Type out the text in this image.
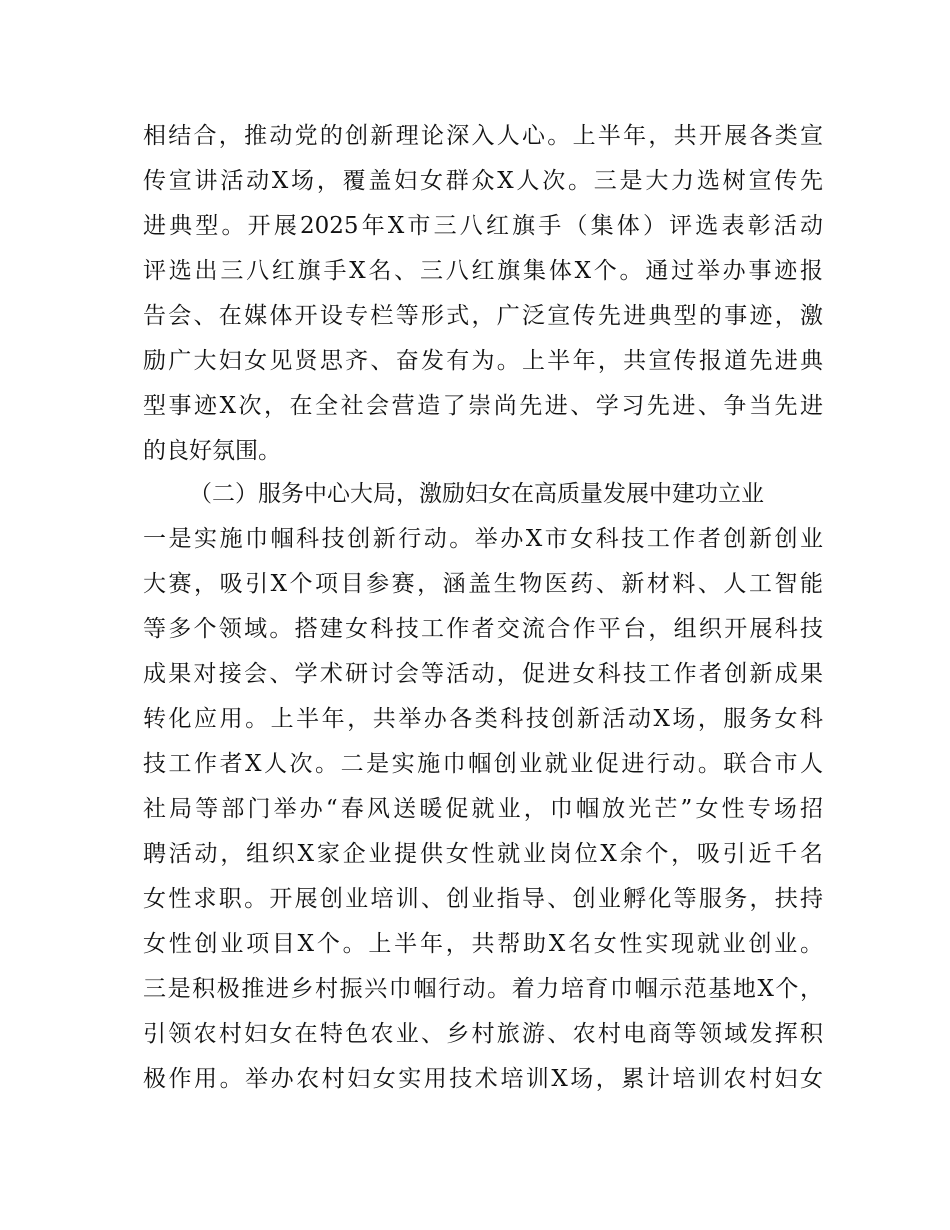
相结合，推动党的创新理论深入人心。上半年，共开展各类宣
传宣讲活动X场，覆盖妇女群众X人次。三是大力选树宣传先
进典型。开展2025年X市三八红旗手（集体）评选表彰活动
评选出三八红旗手X名、三八红旗集体X个。通过举办事迹报
告会、在媒体开设专栏等形式，广泛宣传先进典型的事迹，激
励广大妇女见贤思齐、奋发有为。上半年，共宣传报道先进典
型事迹X次，在全社会营造了崇尚先进、学习先进、争当先进
的良好氛围。
（二）服务中心大局，激励妇女在高质量发展中建功立业
一是实施巾帼科技创新行动。举办X市女科技工作者创新创业
大赛，吸引X个项目参赛，涵盖生物医药、新材料、人工智能
等多个领域。搭建女科技工作者交流合作平台，组织开展科技
成果对接会、学术研讨会等活动，促进女科技工作者创新成果
转化应用。上半年，共举办各类科技创新活动X场，服务女科
技工作者X人次。二是实施巾帼创业就业促进行动。联合市人
社局等部门举办“春风送暖促就业，巾帼放光芒”女性专场招
聘活动，组织X家企业提供女性就业岗位X余个，吸引近千名
女性求职。开展创业培训、创业指导、创业孵化等服务，扶持
女性创业项目X个。上半年，共帮助X名女性实现就业创业。
三是积极推进乡村振兴巾帼行动。着力培育巾帼示范基地X个，
引领农村妇女在特色农业、乡村旅游、农村电商等领域发挥积
极作用。举办农村妇女实用技术培训X场，累计培训农村妇女
